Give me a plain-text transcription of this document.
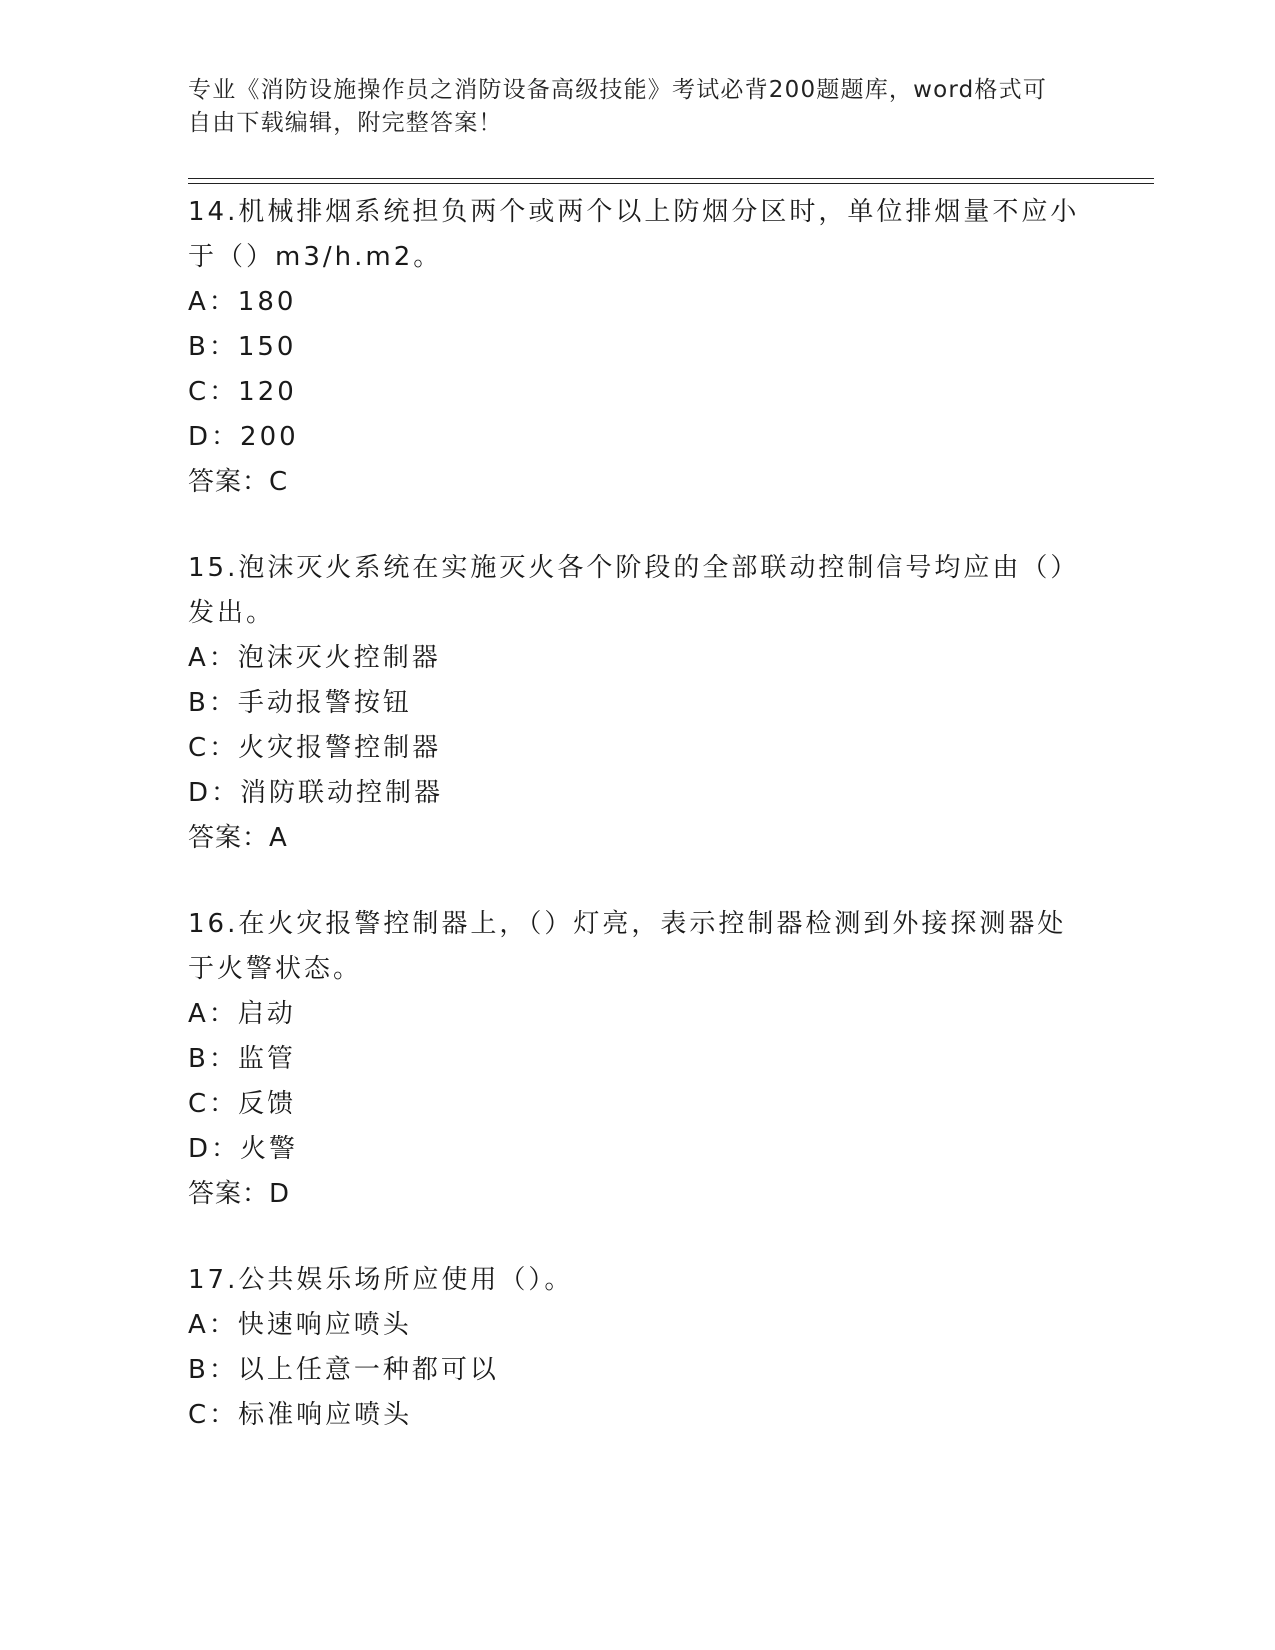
专业《消防设施操作员之消防设备高级技能》考试必背200题题库，word格式可
自由下载编辑，附完整答案！

14.机械排烟系统担负两个或两个以上防烟分区时，单位排烟量不应小

于（）m3/h.m2。

A：180

B：150

C：120

D：200

答案：C

15.泡沫灭火系统在实施灭火各个阶段的全部联动控制信号均应由（）

发出。

A：泡沫灭火控制器

B：手动报警按钮

C：火灾报警控制器

D：消防联动控制器

答案：A

16.在火灾报警控制器上，（）灯亮，表示控制器检测到外接探测器处

于火警状态。

A：启动

B：监管

C：反馈

D：火警

答案：D

17.公共娱乐场所应使用（）。

A：快速响应喷头

B：以上任意一种都可以

C：标准响应喷头
